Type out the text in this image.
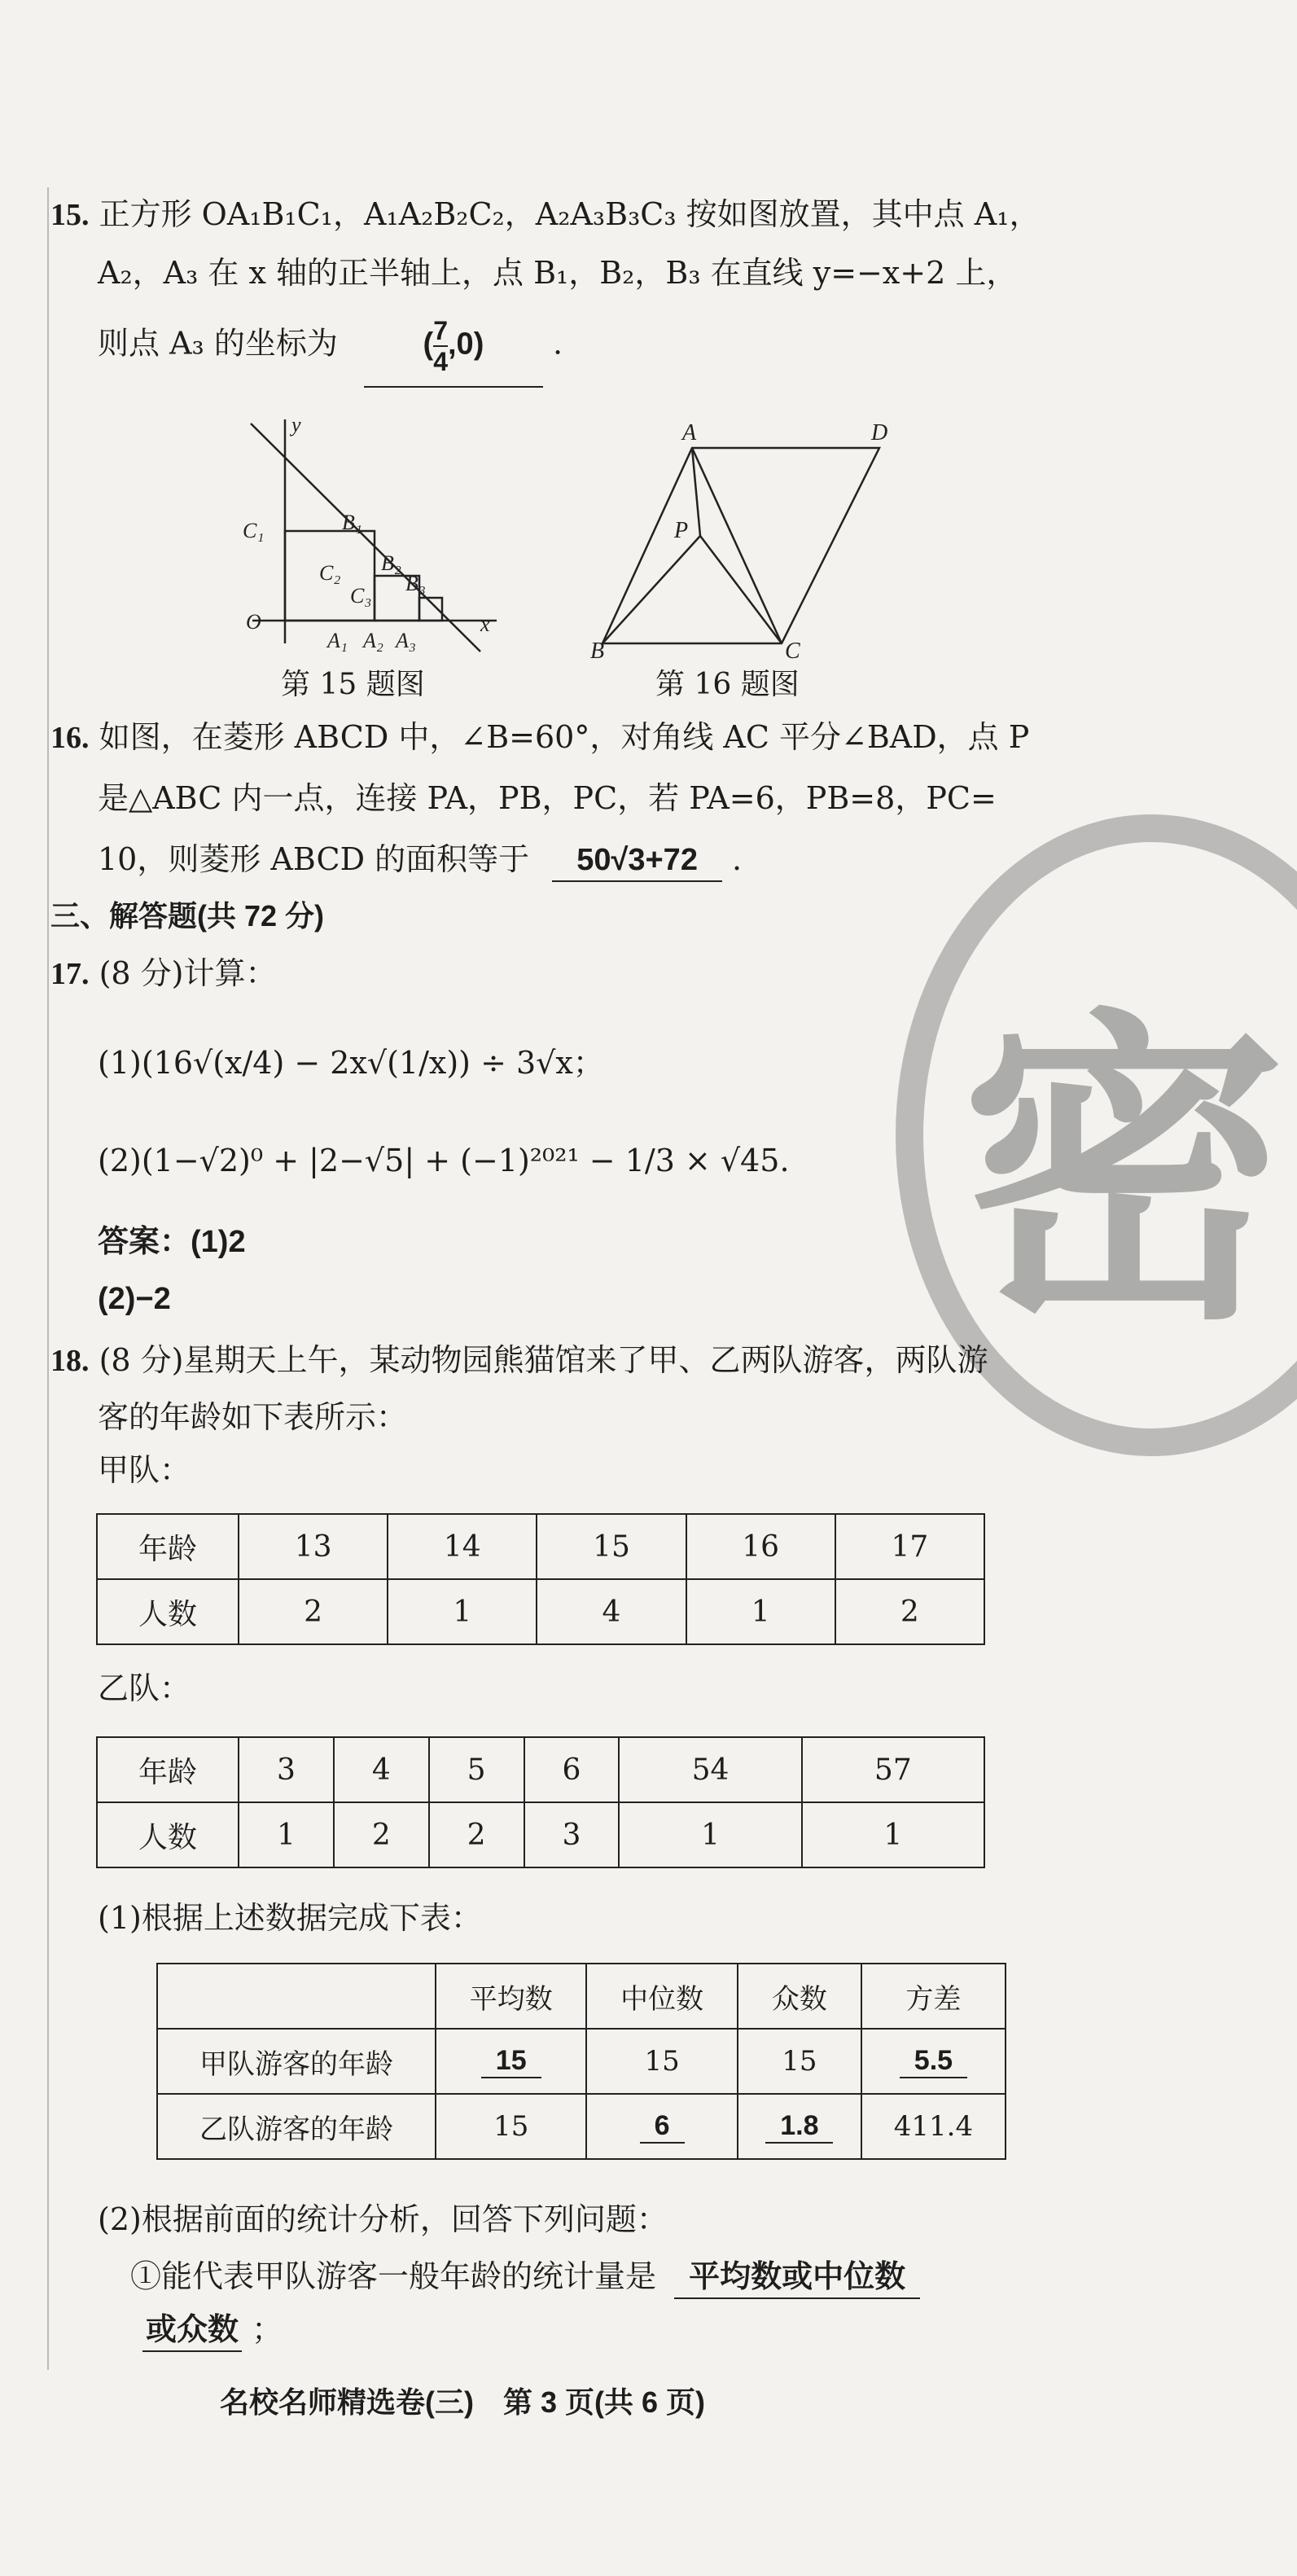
密
15. 正方形 OA₁B₁C₁，A₁A₂B₂C₂，A₂A₃B₃C₃ 按如图放置，其中点 A₁，
A₂，A₃ 在 x 轴的正半轴上，点 B₁，B₂，B₃ 在直线 y=−x+2 上，
则点 A₃ 的坐标为	( $\frac{7}{4} ,0$) .
y
x
O
C₁	B₁
C₂ B₂
C₃
B₃
A₁ A₂ A₃
第 15 题图
A	D
P
B	C
第 16 题图
16. 如图，在菱形 ABCD 中，∠B=60°，对角线 AC 平分∠BAD，点 P
是△ABC 内一点，连接 PA，PB，PC，若 PA=6，PB=8，PC=
10，则菱形 ABCD 的面积等于 50√3+72 .
三、解答题(共 72 分)
17. (8 分)计算：
(1)(16√(x/4) − 2x√(1/x)) ÷ 3√x；
(2)(1−√2)⁰ + |2−√5| + (−1)²⁰²¹ − 1/3 × √45.
答案：(1)2
(2)−2
18. (8 分)星期天上午，某动物园熊猫馆来了甲、乙两队游客，两队游
客的年龄如下表所示：
甲队：
年龄	13	14	15	16	17
人数	2	1	4	1	2
乙队：
年龄	3	4	5	6	54	57
人数	1	2	2	3	1	1
(1)根据上述数据完成下表：
	平均数	中位数	众数	方差
甲队游客的年龄	15	15	15	5.5
乙队游客的年龄	15	6	1.8	411.4
(2)根据前面的统计分析，回答下列问题：
①能代表甲队游客一般年龄的统计量是 平均数或中位数
或众数 ；
名校名师精选卷(三)　第 3 页(共 6 页)
